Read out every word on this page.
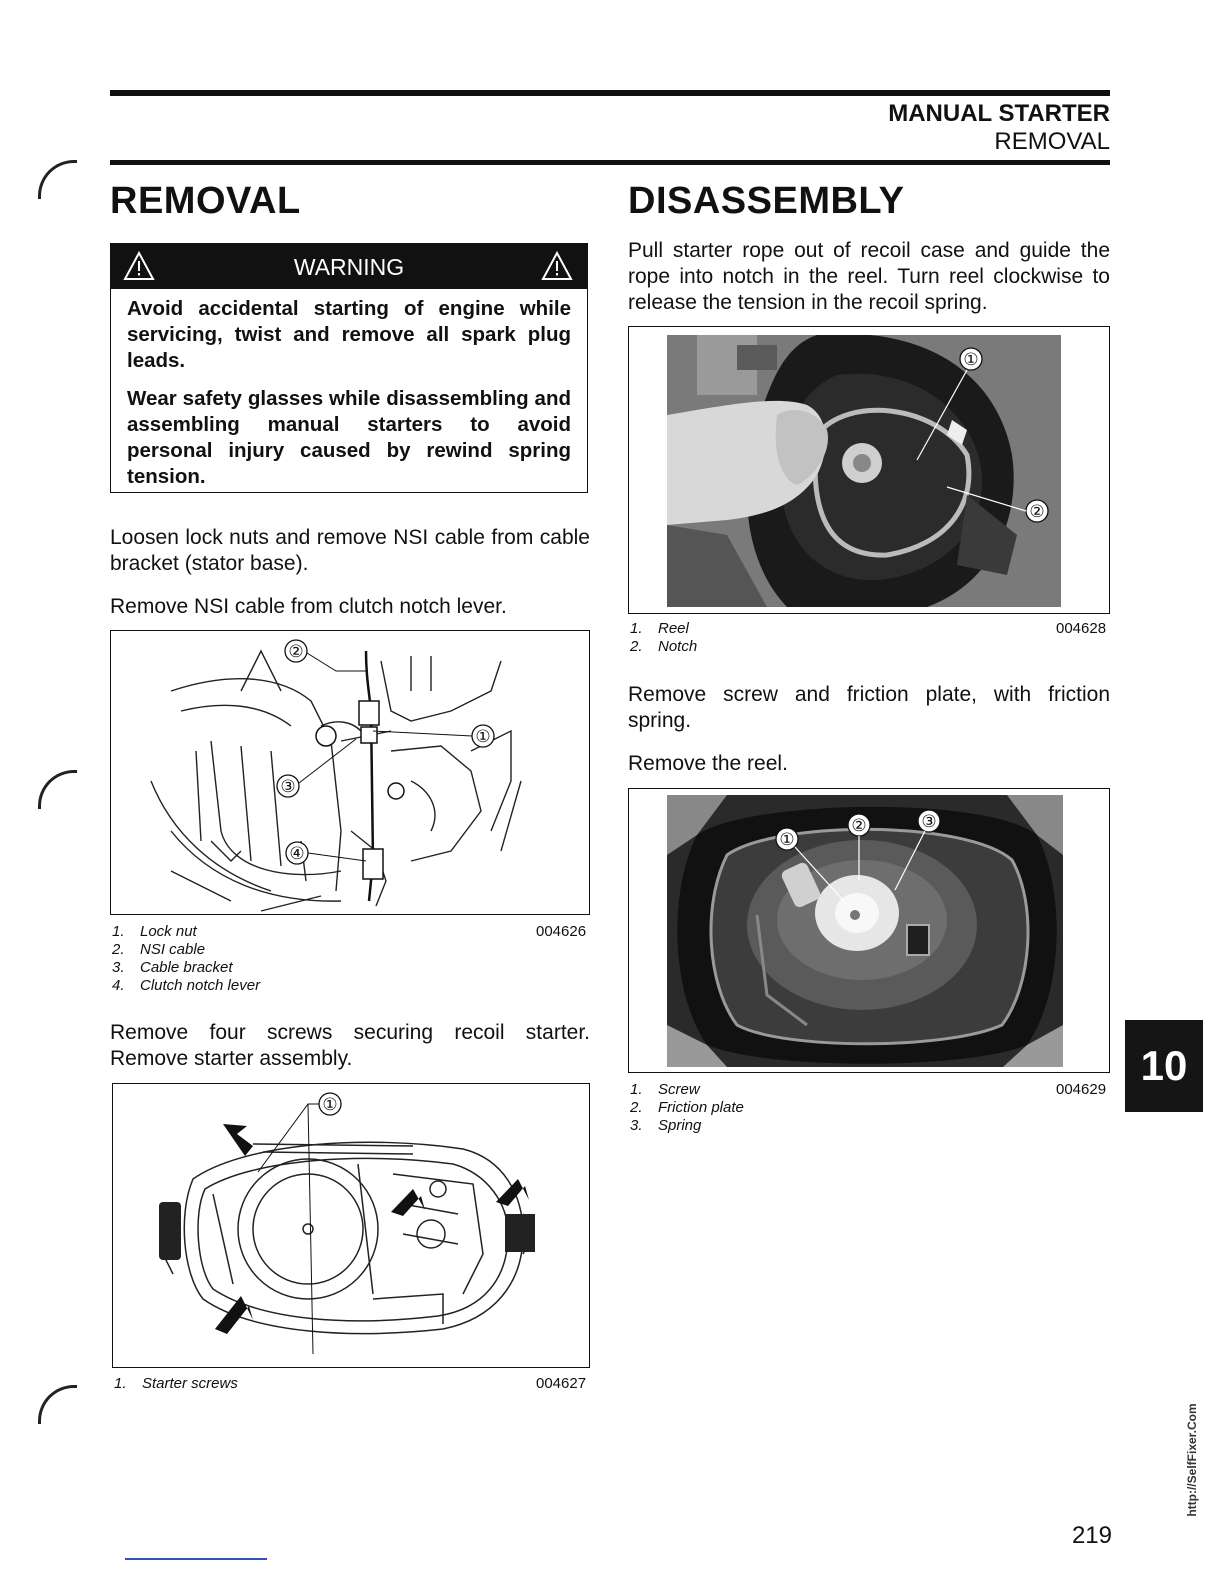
MANUAL STARTER
REMOVAL
REMOVAL
WARNING
Avoid accidental starting of engine while servicing, twist and remove all spark plug leads.
Wear safety glasses while disassembling and assembling manual starters to avoid personal injury caused by rewind spring tension.
Loosen lock nuts and remove NSI cable from cable bracket (stator base).
Remove NSI cable from clutch notch lever.
②
①
③
④
1. Lock nut
2. NSI cable
3. Cable bracket
4. Clutch notch lever
004626
Remove four screws securing recoil starter. Remove starter assembly.
①
1. Starter screws	004627
DISASSEMBLY
Pull starter rope out of recoil case and guide the rope into notch in the reel. Turn reel clockwise to release the tension in the recoil spring.
①
②
1. Reel
2. Notch
004628
Remove screw and friction plate, with friction spring.
Remove the reel.
①
②	③
1. Screw
2. Friction plate
3. Spring
004629
10
http://SelfFixer.Com
219
